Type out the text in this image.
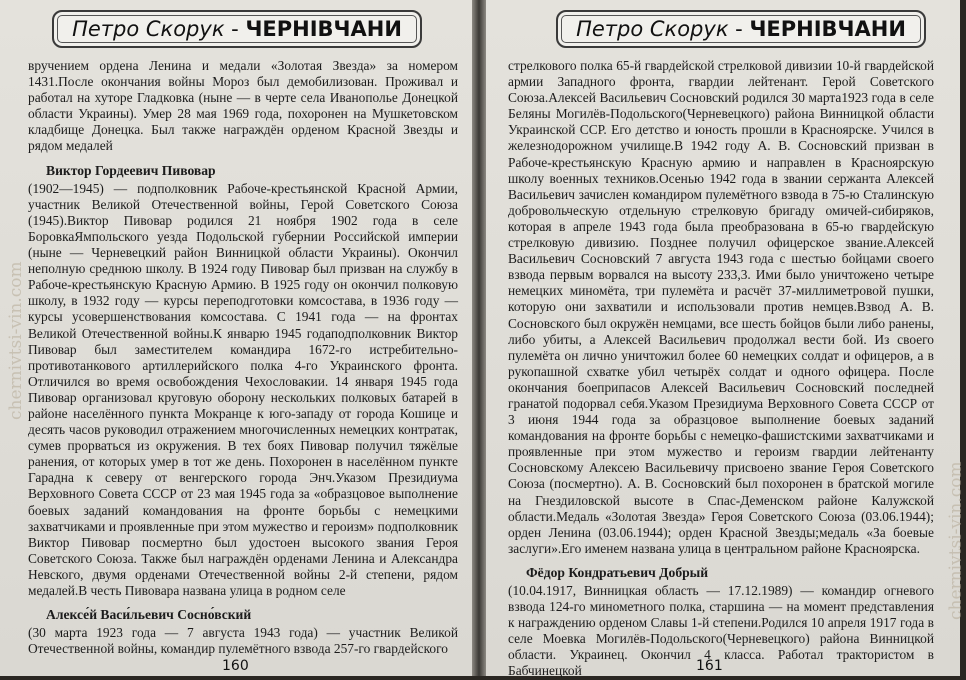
Петро Скорук - ЧЕРНІВЧАНИ

вручением ордена Ленина и медали «Золотая Звезда» за номером 1431.После окончания войны Мороз был демобилизован. Проживал и работал на хуторе Гладковка (ныне — в черте села Иванополье Донецкой области Украины). Умер 28 мая 1969 года, похоронен на Мушкетовском кладбище Донецка. Был также награждён орденом Красной Звезды и рядом медалей

Виктор Гордеевич Пивовар

(1902—1945) — подполковник Рабоче-крестьянской Красной Армии, участник Великой Отечественной войны, Герой Советского Союза (1945).Виктор Пивовар родился 21 ноября 1902 года в селе БоровкаЯмпольского уезда Подольской губернии Российской империи (ныне — Черневецкий район Винницкой области Украины). Окончил неполную среднюю школу. В 1924 году Пивовар был призван на службу в Рабоче-крестьянскую Красную Армию. В 1925 году он окончил полковую школу, в 1932 году — курсы переподготовки комсостава, в 1936 году — курсы усовершенствования комсостава. С 1941 года — на фронтах Великой Отечественной войны.К январю 1945 годаподполковник Виктор Пивовар был заместителем командира 1672-го истребительно-противотанкового артиллерийского полка 4-го Украинского фронта. Отличился во время освобождения Чехословакии. 14 января 1945 года Пивовар организовал круговую оборону нескольких полковых батарей в районе населённого пункта Мокранце к юго-западу от города Кошице и десять часов руководил отражением многочисленных немецких контратак, сумев прорваться из окружения. В тех боях Пивовар получил тяжёлые ранения, от которых умер в тот же день. Похоронен в населённом пункте Гарадна к северу от венгерского города Энч.Указом Президиума Верховного Совета СССР от 23 мая 1945 года за «образцовое выполнение боевых заданий командования на фронте борьбы с немецкими захватчиками и проявленные при этом мужество и героизм» подполковник Виктор Пивовар посмертно был удостоен высокого звания Героя Советского Союза. Также был награждён орденами Ленина и Александра Невского, двумя орденами Отечественной войны 2-й степени, рядом медалей.В честь Пивовара названа улица в родном селе

Алексе́й Васи́льевич Сосно́вский

(30 марта 1923 года — 7 августа 1943 года) — участник Великой Отечественной войны, командир пулемётного взвода 257-го гвардейского

160
Петро Скорук - ЧЕРНІВЧАНИ

стрелкового полка 65-й гвардейской стрелковой дивизии 10-й гвардейской армии Западного фронта, гвардии лейтенант. Герой Советского Союза.Алексей Васильевич Сосновский родился 30 марта1923 года в селе Беляны Могилёв-Подольского(Черневецкого) района Винницкой области Украинской ССР. Его детство и юность прошли в Красноярске. Учился в железнодорожном училище.В 1942 году А. В. Сосновский призван в Рабоче-крестьянскую Красную армию и направлен в Красноярскую школу военных техников.Осенью 1942 года в звании сержанта Алексей Васильевич зачислен командиром пулемётного взвода в 75-ю Сталинскую добровольческую отдельную стрелковую бригаду омичей-сибиряков, которая в апреле 1943 года была преобразована в 65-ю гвардейскую стрелковую дивизию. Позднее получил офицерское звание.Алексей Васильевич Сосновский 7 августа 1943 года с шестью бойцами своего взвода первым ворвался на высоту 233,3. Ими было уничтожено четыре немецких миномёта, три пулемёта и расчёт 37-миллиметровой пушки, которую они захватили и использовали против немцев.Взвод А. В. Сосновского был окружён немцами, все шесть бойцов были либо ранены, либо убиты, а Алексей Васильевич продолжал вести бой. Из своего пулемёта он лично уничтожил более 60 немецких солдат и офицеров, а в рукопашной схватке убил четырёх солдат и одного офицера. После окончания боеприпасов Алексей Васильевич Сосновский последней гранатой подорвал себя.Указом Президиума Верховного Совета СССР от 3 июня 1944 года за образцовое выполнение боевых заданий командования на фронте борьбы с немецко-фашистскими захватчиками и проявленные при этом мужество и героизм гвардии лейтенанту Сосновскому Алексею Васильевичу присвоено звание Героя Советского Союза (посмертно). А. В. Сосновский был похоронен в братской могиле на Гнездиловской высоте в Спас-Деменском районе Калужской области.Медаль «Золотая Звезда» Героя Советского Союза (03.06.1944); орден Ленина (03.06.1944); орден Красной Звезды;медаль «За боевые заслуги».Его именем названа улица в центральном районе Красноярска.

Фёдор Кондратьевич Добрый

(10.04.1917, Винницкая область — 17.12.1989) — командир огневого взвода 124-го минометного полка, старшина — на момент представления к награждению орденом Славы 1-й степени.Родился 10 апреля 1917 года в селе Моевка Могилёв-Подольского(Черневецкого) района Винницкой области. Украинец. Окончил 4 класса. Работал трактористом в Бабчинецкой	161
chernivtsi-vin.com
chernivtsi-vin.com
